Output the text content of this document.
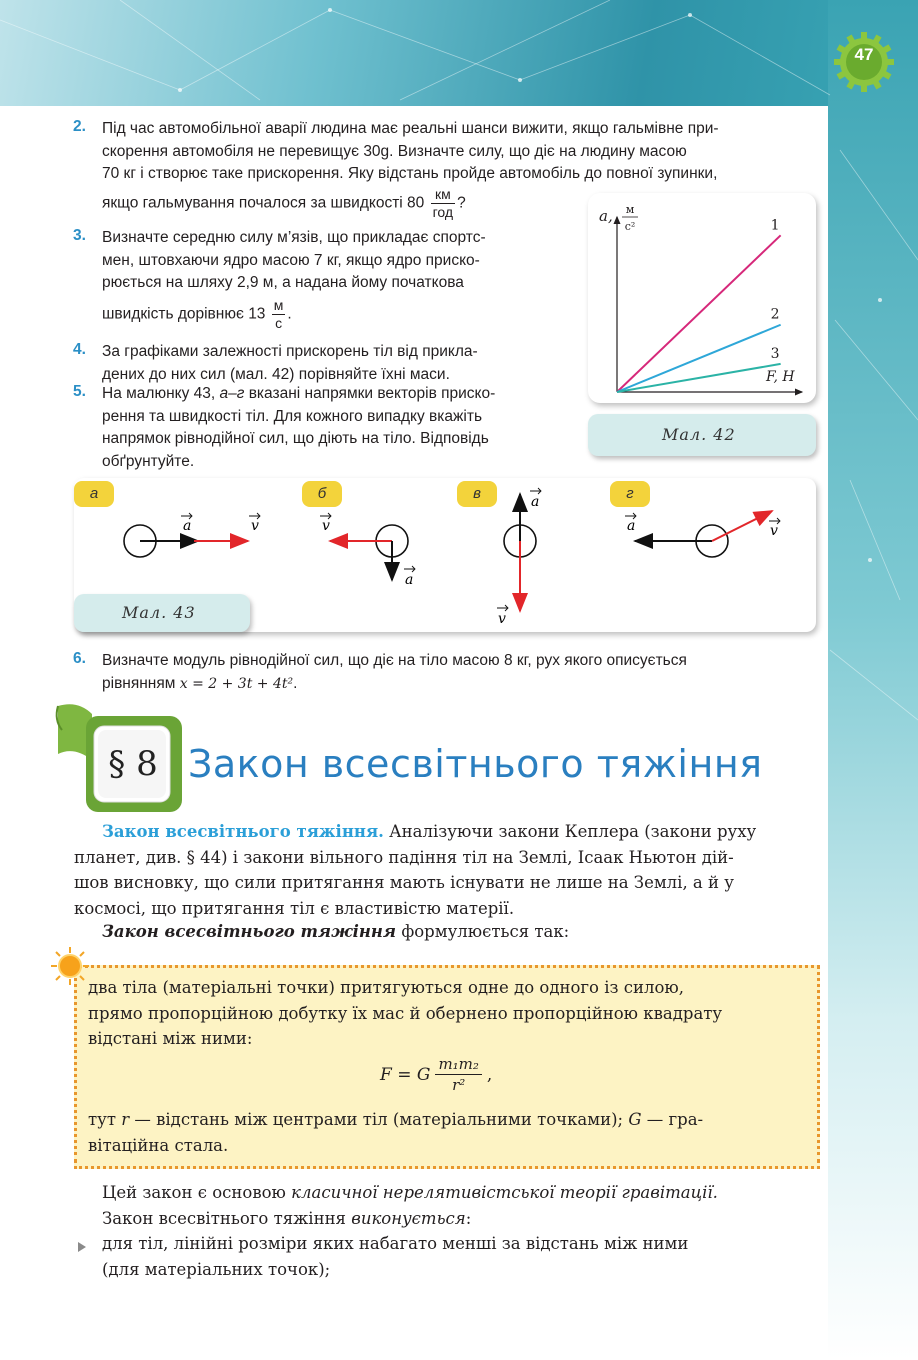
47
2. Під час автомобільної аварії людина має реальні шанси вижити, якщо гальмівне при-
скорення автомобіля не перевищує 30g. Визначте силу, що діє на людину масою
70 кг і створює таке прискорення. Яку відстань пройде автомобіль до повної зупинки,
якщо гальмування почалося за швидкості $80 \frac{км}{\text{год}}$ ?
3. Визначте середню силу м’язів, що прикладає спортс-
мен, штовхаючи ядро масою 7 кг, якщо ядро приско-
рюється на шляху 2,9 м, а надана йому початкова
швидкість дорівнює $13 \frac{м}{с}$ .
4. За графіками залежності прискорень тіл від прикла-
дених до них сил (мал. 42) порівняйте їхні маси.
5. На малюнку 43, а–г вказані напрямки векторів приско-
рення та швидкості тіл. Для кожного випадку вкажіть
напрямок рівнодійної сил, що діють на тіло. Відповідь
обґрунтуйте.
1
2
3
a, м
с²
F, Н
Мал. 42
a	v	v
a
a
v
a	v
а	б	в	г
Мал. 43
6. Визначте модуль рівнодійної сил, що діє на тіло масою 8 кг, рух якого описується
рівнянням x = 2 + 3t + 4t².
§ 8 Закон всесвітнього тяжіння
Закон всесвітнього тяжіння. Аналізуючи закони Кеплера (закони руху
планет, див. § 44) і закони вільного падіння тіл на Землі, Ісаак Ньютон дій-
шов висновку, що сили притягання мають існувати не лише на Землі, а й у
космосі, що притягання тіл є властивістю матерії.
Закон всесвітнього тяжіння формулюється так:
два тіла (матеріальні точки) притягуються одне до одного із силою,
прямо пропорційною добутку їх мас й обернено пропорційною квадрату
відстані між ними:
F = G $\frac{\text{m₁m₂}}{\text{r²}}$ ,
тут r — відстань між центрами тіл (матеріальними точками); G — гра-
вітаційна стала.
Цей закон є основою класичної нерелятивістської теорії гравітації.
Закон всесвітнього тяжіння виконується:
для тіл, лінійні розміри яких набагато менші за відстань між ними
(для матеріальних точок);
